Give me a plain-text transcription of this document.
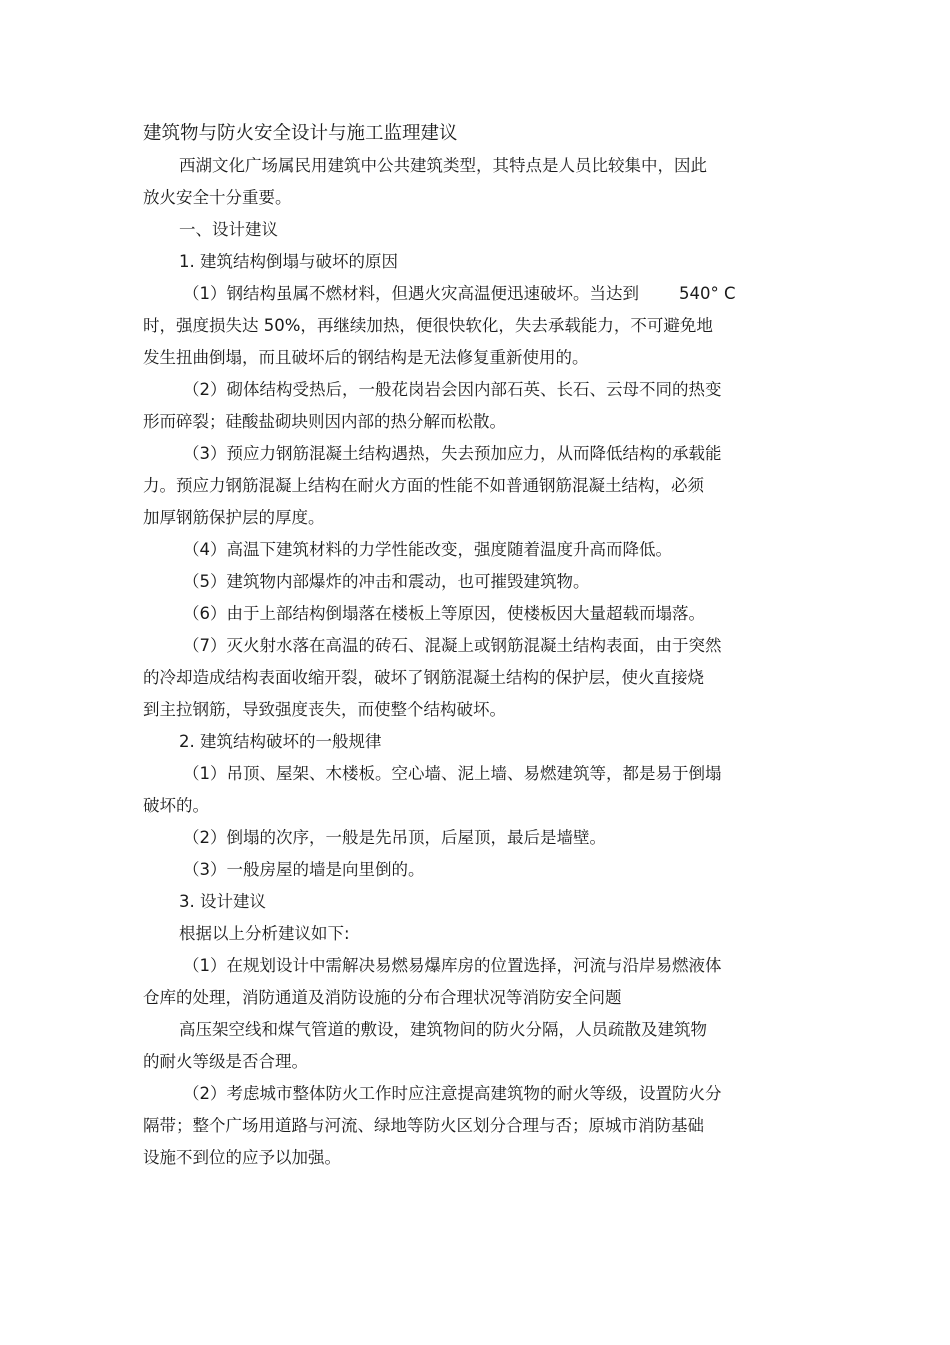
建筑物与防火安全设计与施工监理建议
西湖文化广场属民用建筑中公共建筑类型，其特点是人员比较集中，因此
放火安全十分重要。
一、设计建议
1. 建筑结构倒塌与破坏的原因
（1）钢结构虽属不燃材料，但遇火灾高温便迅速破坏。当达到 540° C
时，强度损失达 50%，再继续加热，便很快软化，失去承载能力，不可避免地
发生扭曲倒塌，而且破坏后的钢结构是无法修复重新使用的。
（2）砌体结构受热后，一般花岗岩会因内部石英、长石、云母不同的热变
形而碎裂；硅酸盐砌块则因内部的热分解而松散。
（3）预应力钢筋混凝土结构遇热，失去预加应力，从而降低结构的承载能
力。预应力钢筋混凝上结构在耐火方面的性能不如普通钢筋混凝土结构，必须
加厚钢筋保护层的厚度。
（4）高温下建筑材料的力学性能改变，强度随着温度升高而降低。
（5）建筑物内部爆炸的冲击和震动，也可摧毁建筑物。
（6）由于上部结构倒塌落在楼板上等原因，使楼板因大量超载而塌落。
（7）灭火射水落在高温的砖石、混凝上或钢筋混凝土结构表面，由于突然
的冷却造成结构表面收缩开裂，破坏了钢筋混凝土结构的保护层，使火直接烧
到主拉钢筋，导致强度丧失，而使整个结构破坏。
2. 建筑结构破坏的一般规律
（1）吊顶、屋架、木楼板。空心墙、泥上墙、易燃建筑等，都是易于倒塌
破坏的。
（2）倒塌的次序，一般是先吊顶，后屋顶，最后是墙壁。
（3）一般房屋的墙是向里倒的。
3. 设计建议
根据以上分析建议如下:
（1）在规划设计中需解决易燃易爆库房的位置选择，河流与沿岸易燃液体
仓库的处理，消防通道及消防设施的分布合理状况等消防安全问题
高压架空线和煤气管道的敷设，建筑物间的防火分隔，人员疏散及建筑物
的耐火等级是否合理。
（2）考虑城市整体防火工作时应注意提高建筑物的耐火等级，设置防火分
隔带；整个广场用道路与河流、绿地等防火区划分合理与否；原城市消防基础
设施不到位的应予以加强。
